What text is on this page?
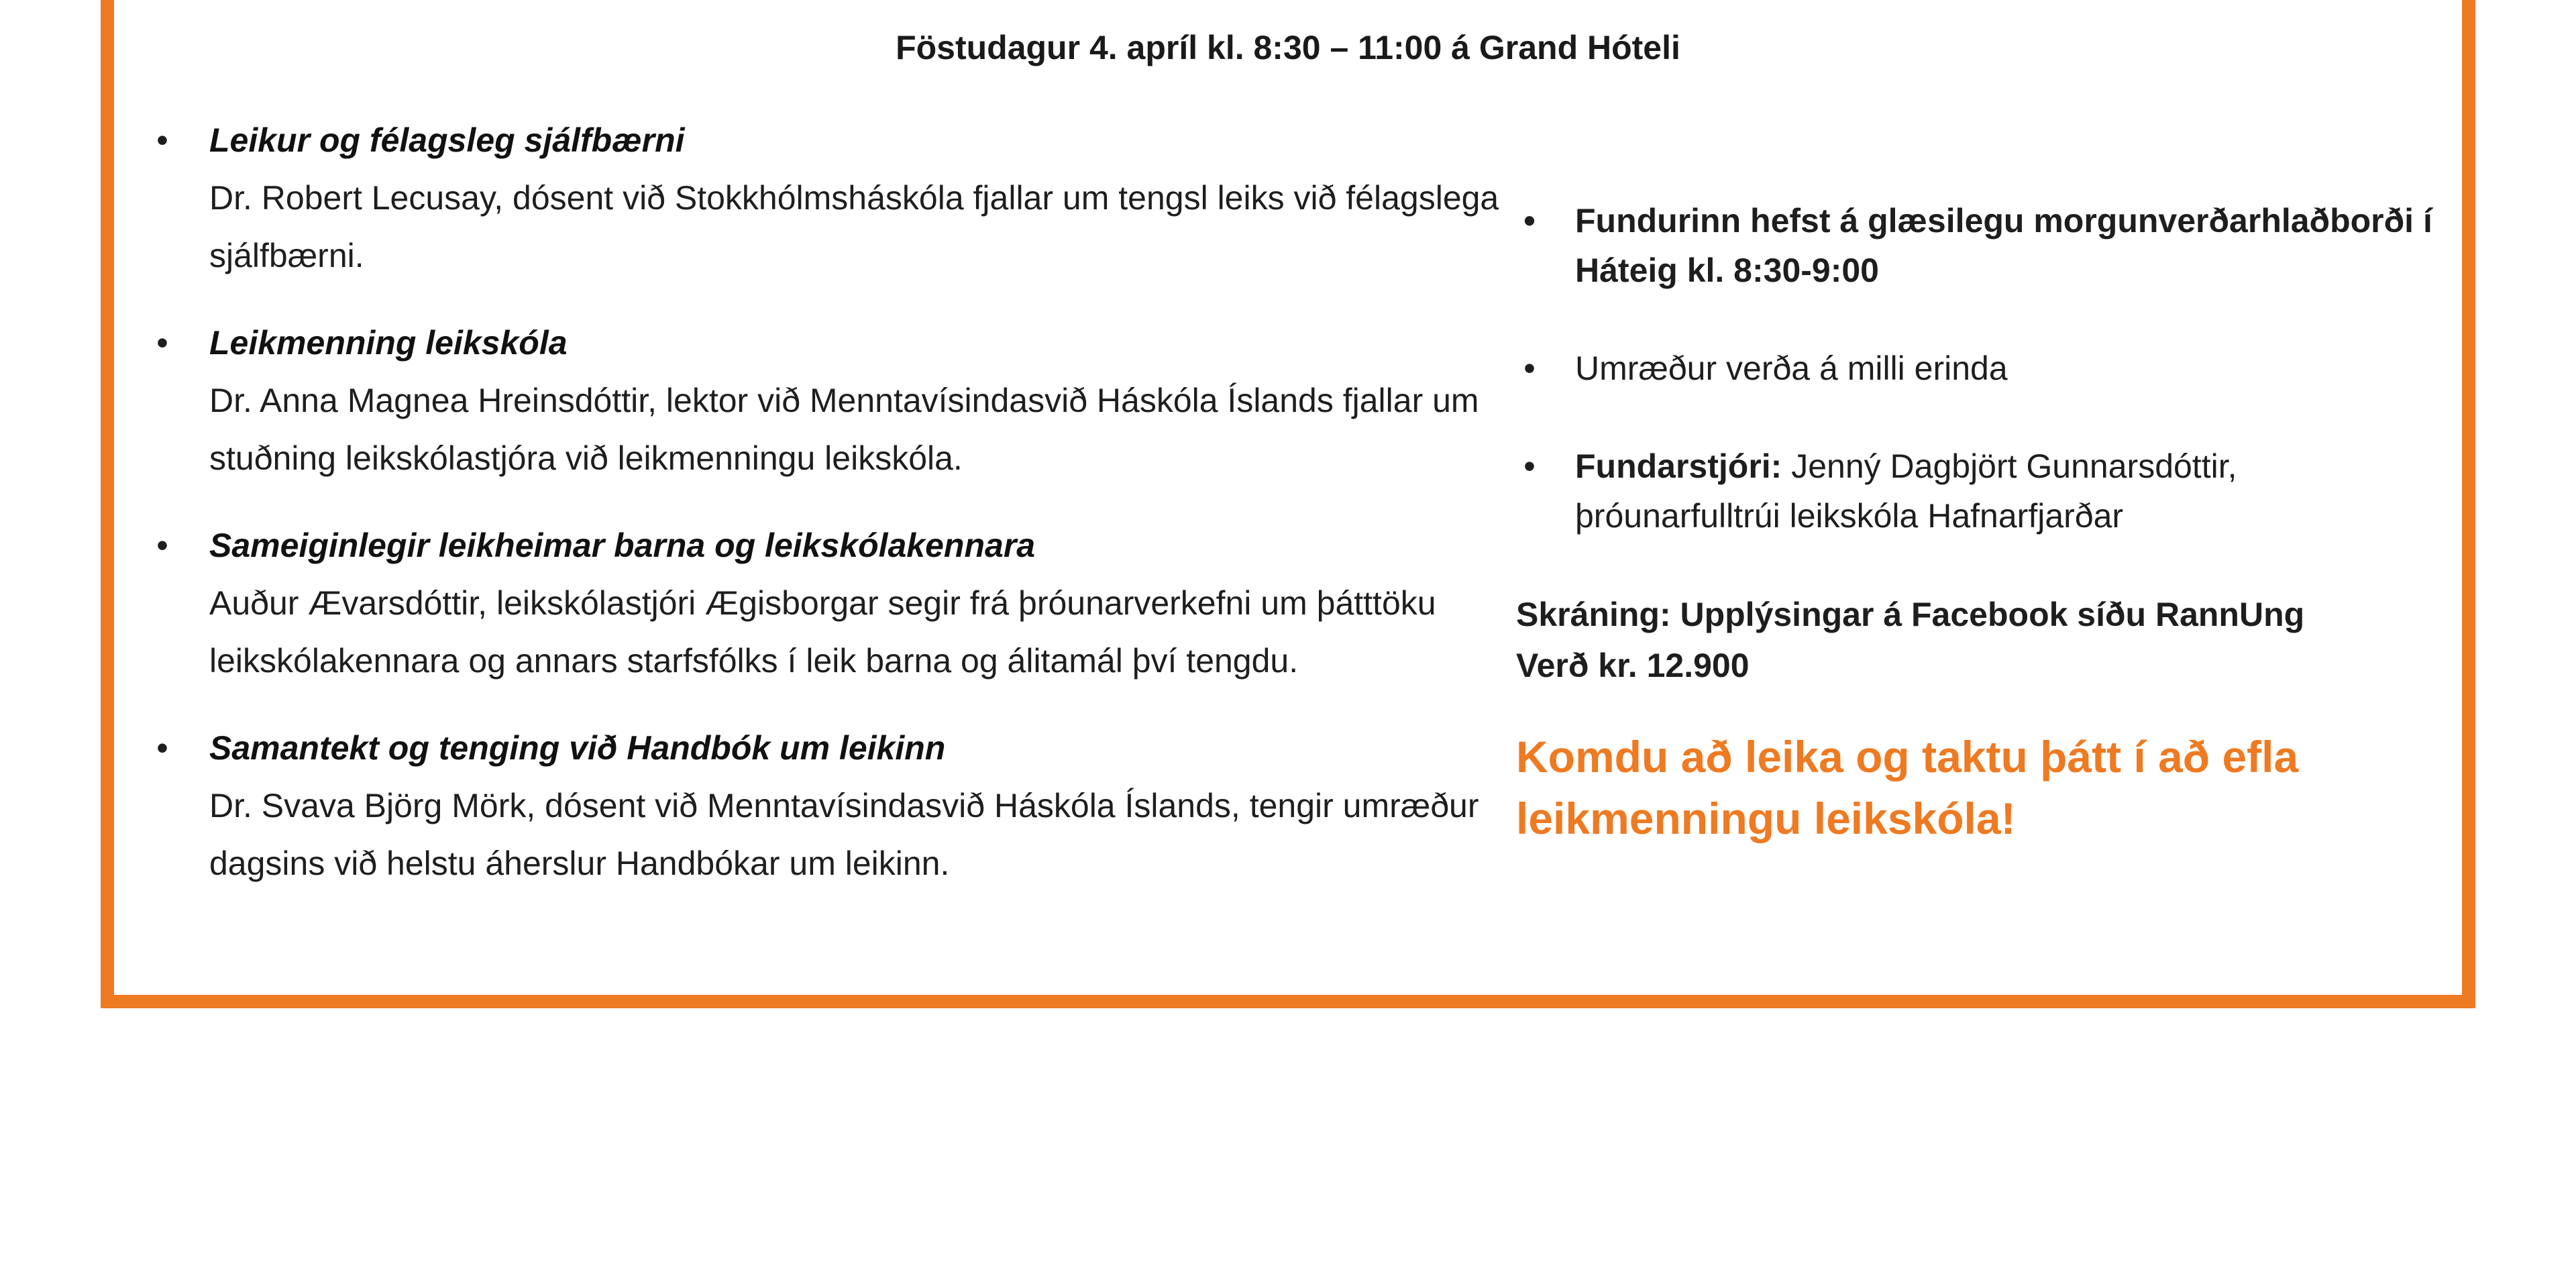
Föstudagur 4. apríl kl. 8:30 – 11:00 á Grand Hóteli
• Leikur og félagsleg sjálfbærni
Dr. Robert Lecusay, dósent við Stokkhólmsháskóla fjallar um tengsl leiks við félagslega sjálfbærni.
• Leikmenning leikskóla
Dr. Anna Magnea Hreinsdóttir, lektor við Menntavísindasvið Háskóla Íslands fjallar um stuðning leikskólastjóra við leikmenningu leikskóla.
• Sameiginlegir leikheimar barna og leikskólakennara
Auður Ævarsdóttir, leikskólastjóri Ægisborgar segir frá þróunarverkefni um þátttöku leikskólakennara og annars starfsfólks í leik barna og álitamál því tengdu.
• Samantekt og tenging við Handbók um leikinn
Dr. Svava Björg Mörk, dósent við Menntavísindasvið Háskóla Íslands, tengir umræður dagsins við helstu áherslur Handbókar um leikinn.
• Fundurinn hefst á glæsilegu morgunverðarhlaðborði í Háteig kl. 8:30-9:00
• Umræður verða á milli erinda
• Fundarstjóri: Jenný Dagbjört Gunnarsdóttir, þróunarfulltrúi leikskóla Hafnarfjarðar
Skráning: Upplýsingar á Facebook síðu RannUng
Verð kr. 12.900
Komdu að leika og taktu þátt í að efla leikmenningu leikskóla!
